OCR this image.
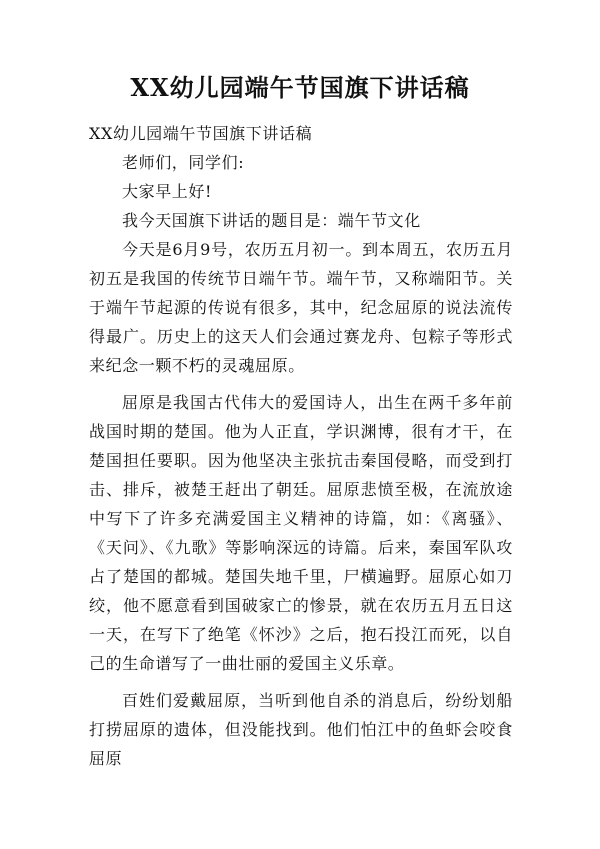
XX幼儿园端午节国旗下讲话稿

XX幼儿园端午节国旗下讲话稿

老师们，同学们:

大家早上好!

我今天国旗下讲话的题目是：端午节文化

今天是6月9号，农历五月初一。到本周五，农历五月初五是我国的传统节日端午节。端午节，又称端阳节。关于端午节起源的传说有很多，其中，纪念屈原的说法流传得最广。历史上的这天人们会通过赛龙舟、包粽子等形式来纪念一颗不朽的灵魂屈原。

屈原是我国古代伟大的爱国诗人，出生在两千多年前战国时期的楚国。他为人正直，学识渊博，很有才干，在楚国担任要职。因为他坚决主张抗击秦国侵略，而受到打击、排斥，被楚王赶出了朝廷。屈原悲愤至极，在流放途中写下了许多充满爱国主义精神的诗篇，如：《离骚》、《天问》、《九歌》等影响深远的诗篇。后来，秦国军队攻占了楚国的都城。楚国失地千里，尸横遍野。屈原心如刀绞，他不愿意看到国破家亡的惨景，就在农历五月五日这一天，在写下了绝笔《怀沙》之后，抱石投江而死，以自己的生命谱写了一曲壮丽的爱国主义乐章。

百姓们爱戴屈原，当听到他自杀的消息后，纷纷划船打捞屈原的遗体，但没能找到。他们怕江中的鱼虾会咬食屈原
